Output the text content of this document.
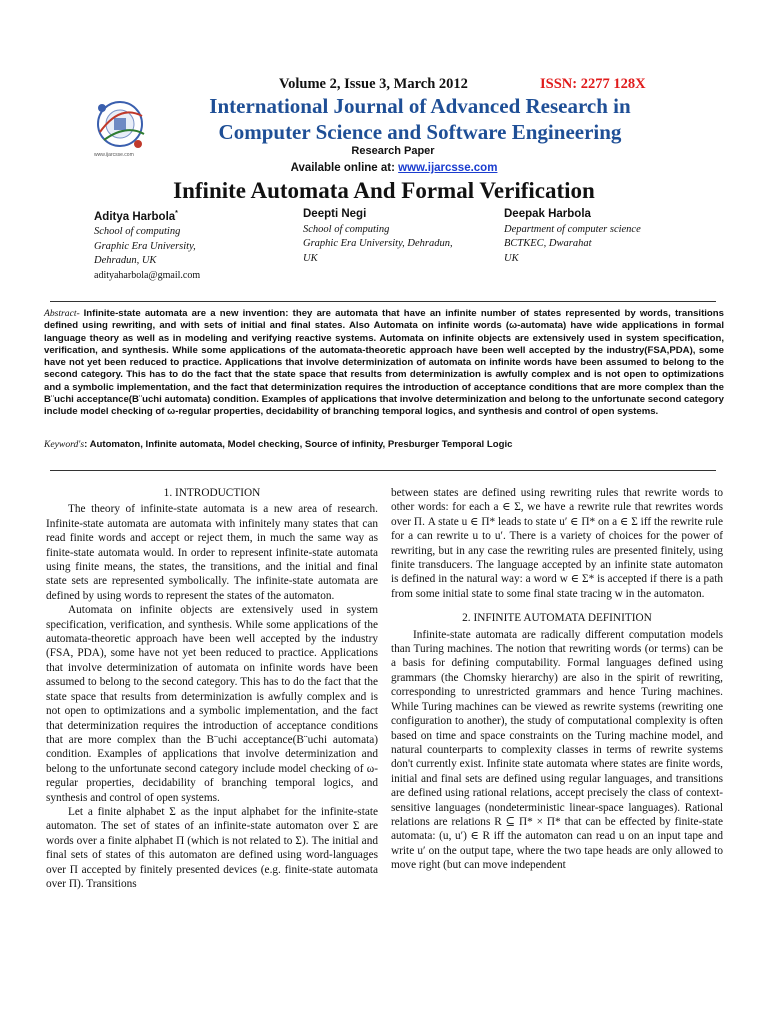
www.ijarcsse.com
Volume 2, Issue 3, March 2012	ISSN: 2277 128X
International Journal of Advanced Research in
Computer Science and Software Engineering
Research Paper
Available online at: www.ijarcsse.com
Infinite Automata And Formal Verification
Aditya Harbola*
School of computing
Graphic Era University,
Dehradun, UK
adityaharbola@gmail.com
Deepti Negi
School of computing
Graphic Era University, Dehradun,
UK
Deepak Harbola
Department of computer science
BCTKEC, Dwarahat
UK
Abstract- Infinite-state automata are a new invention: they are automata that have an infinite number of states represented by words, transitions defined using rewriting, and with sets of initial and final states. Also Automata on infinite words (ω-automata) have wide applications in formal language theory as well as in modeling and verifying reactive systems. Automata on infinite objects are extensively used in system specification, verification, and synthesis. While some applications of the automata-theoretic approach have been well accepted by the industry(FSA,PDA), some have not yet been reduced to practice. Applications that involve determinization of automata on infinite words have been assumed to belong to the second category. This has to do the fact that the state space that results from determinization is awfully complex and is not open to optimizations and a symbolic implementation, and the fact that determinization requires the introduction of acceptance conditions that are more complex than the B¨uchi acceptance(B¨uchi automata) condition. Examples of applications that involve determinization and belong to the unfortunate second category include model checking of ω-regular properties, decidability of branching temporal logics, and synthesis and control of open systems.
Keyword's: Automaton, Infinite automata, Model checking, Source of infinity, Presburger Temporal Logic
1. INTRODUCTION

The theory of infinite-state automata is a new area of research. Infinite-state automata are automata with infinitely many states that can read finite words and accept or reject them, in much the same way as finite-state automata would. In order to represent infinite-state automata using finite means, the states, the transitions, and the initial and final state sets are represented symbolically. The infinite-state automata are defined by using words to represent the states of the automaton.

Automata on infinite objects are extensively used in system specification, verification, and synthesis. While some applications of the automata-theoretic approach have been well accepted by the industry (FSA, PDA), some have not yet been reduced to practice. Applications that involve determinization of automata on infinite words have been assumed to belong to the second category. This has to do the fact that the state space that results from determinization is awfully complex and is not open to optimizations and a symbolic implementation, and the fact that determinization requires the introduction of acceptance conditions that are more complex than the B¨uchi acceptance(B¨uchi automata) condition. Examples of applications that involve determinization and belong to the unfortunate second category include model checking of ω-regular properties, decidability of branching temporal logics, and synthesis and control of open systems.

Let a finite alphabet Σ as the input alphabet for the infinite-state automaton. The set of states of an infinite-state automaton over Σ are words over a finite alphabet Π (which is not related to Σ). The initial and final sets of states of this automaton are defined using word-languages over Π accepted by finitely presented devices (e.g. finite-state automata over Π). Transitions

between states are defined using rewriting rules that rewrite words to other words: for each a ∈ Σ, we have a rewrite rule that rewrites words over Π. A state u ∈ Π* leads to state u′ ∈ Π* on a ∈ Σ iff the rewrite rule for a can rewrite u to u′. There is a variety of choices for the power of rewriting, but in any case the rewriting rules are presented finitely, using finite transducers. The language accepted by an infinite state automaton is defined in the natural way: a word w ∈ Σ* is accepted if there is a path from some initial state to some final state tracing w in the automaton.

2. INFINITE AUTOMATA DEFINITION

Infinite-state automata are radically different computation models than Turing machines. The notion that rewriting words (or terms) can be a basis for defining computability. Formal languages defined using grammars (the Chomsky hierarchy) are also in the spirit of rewriting, corresponding to unrestricted grammars and hence Turing machines. While Turing machines can be viewed as rewrite systems (rewriting one configuration to another), the study of computational complexity is often based on time and space constraints on the Turing machine model, and natural counterparts to complexity classes in terms of rewrite systems don't currently exist. Infinite state automata where states are finite words, initial and final sets are defined using regular languages, and transitions are defined using rational relations, accept precisely the class of context-sensitive languages (nondeterministic linear-space languages). Rational relations are relations R ⊆ Π* × Π* that can be effected by finite-state automata: (u, u′) ∈ R iff the automaton can read u on an input tape and write u′ on the output tape, where the two tape heads are only allowed to move right (but can move independent
